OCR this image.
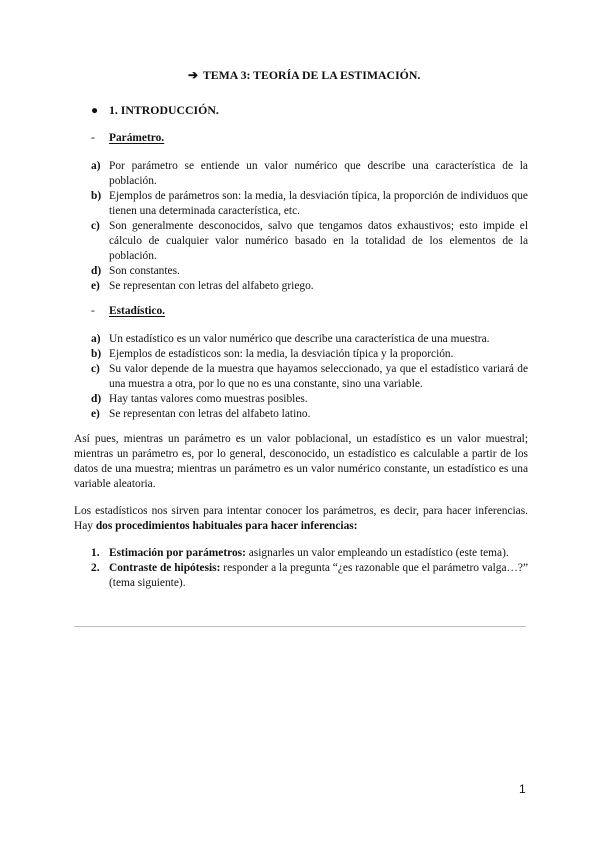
➔ TEMA 3: TEORÍA DE LA ESTIMACIÓN.
● 1. INTRODUCCIÓN.
- Parámetro.
a) Por parámetro se entiende un valor numérico que describe una característica de la población.
b) Ejemplos de parámetros son: la media, la desviación típica, la proporción de individuos que tienen una determinada característica, etc.
c) Son generalmente desconocidos, salvo que tengamos datos exhaustivos; esto impide el cálculo de cualquier valor numérico basado en la totalidad de los elementos de la población.
d) Son constantes.
e) Se representan con letras del alfabeto griego.
- Estadístico.
a) Un estadístico es un valor numérico que describe una característica de una muestra.
b) Ejemplos de estadísticos son: la media, la desviación típica y la proporción.
c) Su valor depende de la muestra que hayamos seleccionado, ya que el estadístico variará de una muestra a otra, por lo que no es una constante, sino una variable.
d) Hay tantas valores como muestras posibles.
e) Se representan con letras del alfabeto latino.

Así pues, mientras un parámetro es un valor poblacional, un estadístico es un valor muestral; mientras un parámetro es, por lo general, desconocido, un estadístico es calculable a partir de los datos de una muestra; mientras un parámetro es un valor numérico constante, un estadístico es una variable aleatoria.

Los estadísticos nos sirven para intentar conocer los parámetros, es decir, para hacer inferencias. Hay dos procedimientos habituales para hacer inferencias:

1. Estimación por parámetros: asignarles un valor empleando un estadístico (este tema).
2. Contraste de hipótesis: responder a la pregunta “¿es razonable que el parámetro valga…?” (tema siguiente).
1
